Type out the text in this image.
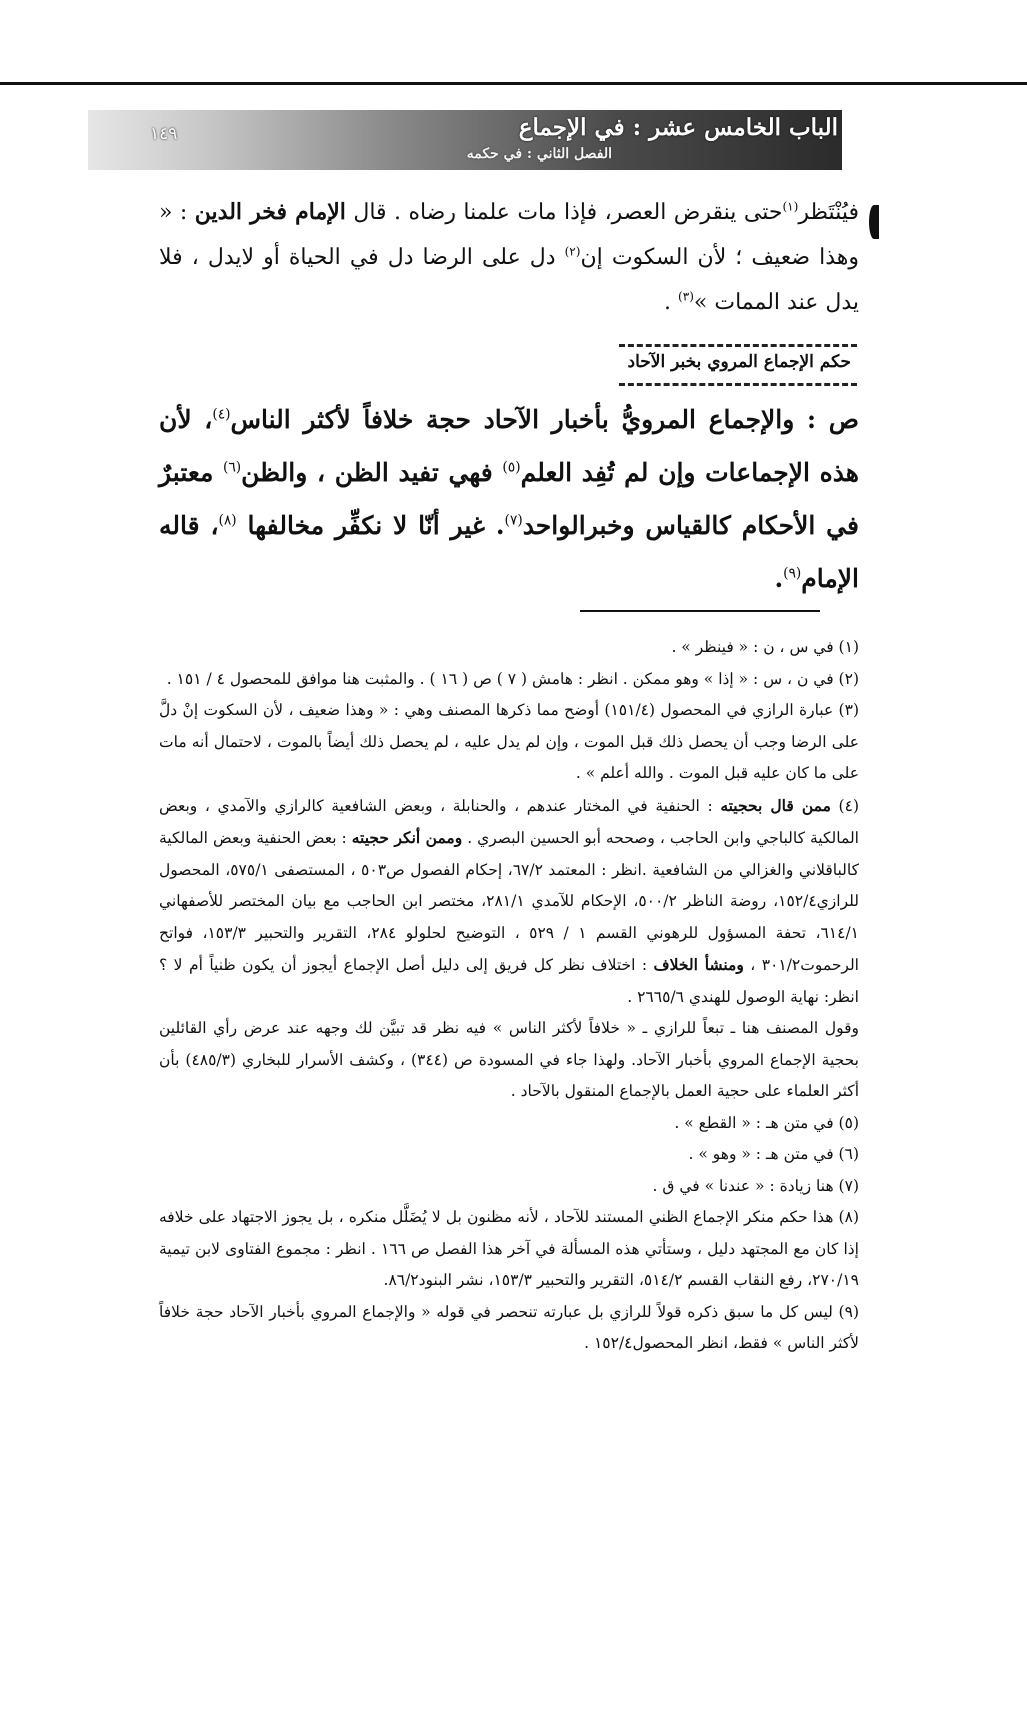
الباب الخامس عشر : في الإجماع
الفصل الثاني : في حكمه
١٤٩
فيُنْتَظر$^{(١)}$حتى ينقرض العصر، فإذا مات علمنا رضاه . قال الإمام فخر الدين : « وهذا ضعيف ؛ لأن السكوت إن$^{(٢)}$ دل على الرضا دل في الحياة أو لايدل ، فلا يدل عند الممات »$^{(٣)}$ .
حكم الإجماع المروي بخبر الآحاد
ص : والإجماع المرويُّ بأخبار الآحاد حجة خلافاً لأكثر الناس$^{(٤)}$، لأن هذه الإجماعات وإن لم تُفِد العلم$^{(٥)}$ فهي تفيد الظن ، والظن$^{(٦)}$ معتبرٌ في الأحكام كالقياس وخبرالواحد$^{(٧)}$. غير أنّا لا نكفِّر مخالفها $^{(٨)}$، قاله الإمام$^{(٩)}$.

(١) في س ، ن : « فينظر » .

(٢) في ن ، س : « إذا » وهو ممكن . انظر : هامش ( ٧ ) ص ( ١٦ ) . والمثبت هنا موافق للمحصول ٤ / ١٥١ .

(٣) عبارة الرازي في المحصول (١٥١/٤) أوضح مما ذكرها المصنف وهي : « وهذا ضعيف ، لأن السكوت إنْ دلَّ على الرضا وجب أن يحصل ذلك قبل الموت ، وإن لم يدل عليه ، لم يحصل ذلك أيضاً بالموت ، لاحتمال أنه مات على ما كان عليه قبل الموت . والله أعلم » .

(٤) ممن قال بحجيته : الحنفية في المختار عندهم ، والحنابلة ، وبعض الشافعية كالرازي والآمدي ، وبعض المالكية كالباجي وابن الحاجب ، وصححه أبو الحسين البصري . وممن أنكر حجيته : بعض الحنفية وبعض المالكية كالباقلاني والغزالي من الشافعية .انظر : المعتمد ٦٧/٢، إحكام الفصول ص٥٠٣ ، المستصفى ٥٧٥/١، المحصول للرازي١٥٢/٤، روضة الناظر ٥٠٠/٢، الإحكام للآمدي ٢٨١/١، مختصر ابن الحاجب مع بيان المختصر للأصفهاني ٦١٤/١، تحفة المسؤول للرهوني القسم ١ / ٥٢٩ ، التوضيح لحلولو ٢٨٤، التقرير والتحبير ١٥٣/٣، فواتح الرحموت٣٠١/٢ ، ومنشأ الخلاف : اختلاف نظر كل فريق إلى دليل أصل الإجماع أيجوز أن يكون ظنياً أم لا ؟ انظر: نهاية الوصول للهندي ٢٦٦٥/٦ .

وقول المصنف هنا ـ تبعاً للرازي ـ « خلافاً لأكثر الناس » فيه نظر قد تبيَّن لك وجهه عند عرض رأي القائلين بحجية الإجماع المروي بأخبار الآحاد. ولهذا جاء في المسودة ص (٣٤٤) ، وكشف الأسرار للبخاري (٤٨٥/٣) بأن أكثر العلماء على حجية العمل بالإجماع المنقول بالآحاد .

(٥) في متن هـ : « القطع » .

(٦) في متن هـ : « وهو » .

(٧) هنا زيادة : « عندنا » في ق .

(٨) هذا حكم منكر الإجماع الظني المستند للآحاد ، لأنه مظنون بل لا يُضَلَّل منكره ، بل يجوز الاجتهاد على خلافه إذا كان مع المجتهد دليل ، وستأتي هذه المسألة في آخر هذا الفصل ص ١٦٦ . انظر : مجموع الفتاوى لابن تيمية ٢٧٠/١٩، رفع النقاب القسم ٥١٤/٢، التقرير والتحبير ١٥٣/٣، نشر البنود٨٦/٢.

(٩) ليس كل ما سبق ذكره قولاً للرازي بل عبارته تنحصر في قوله « والإجماع المروي بأخبار الآحاد حجة خلافاً لأكثر الناس » فقط، انظر المحصول١٥٢/٤ .
